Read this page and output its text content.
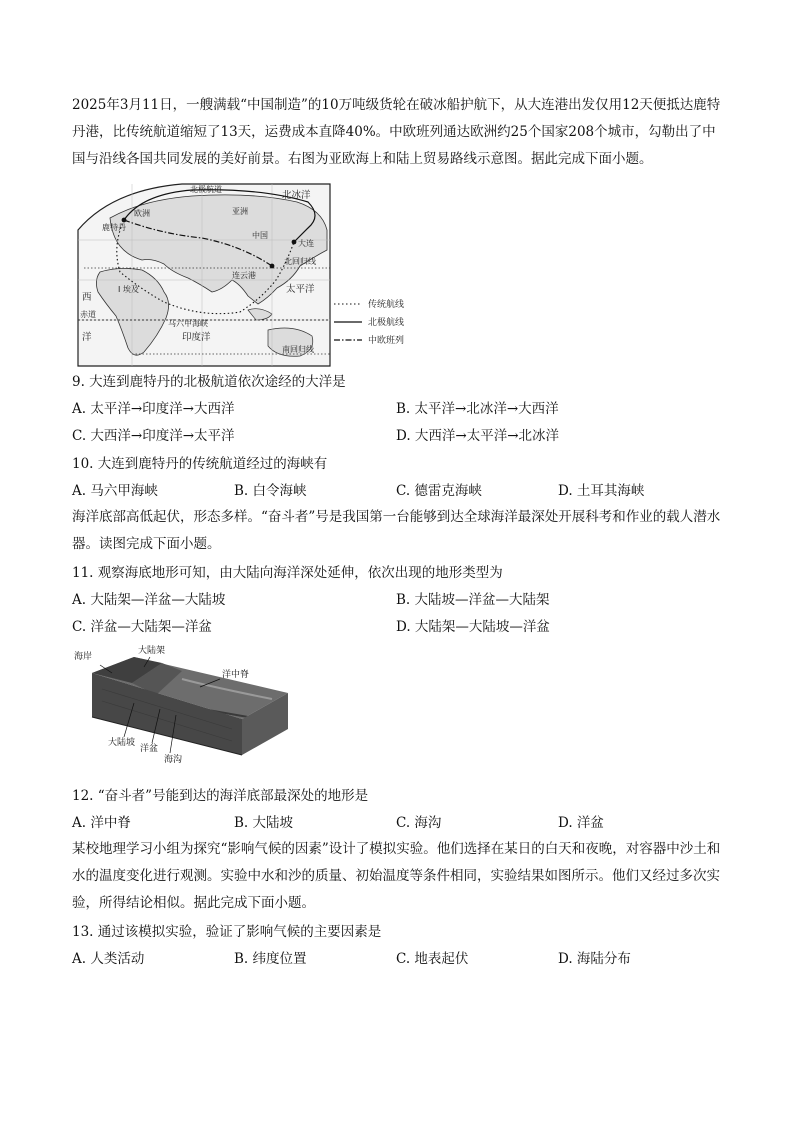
2025年3月11日，一艘满载“中国制造”的10万吨级货轮在破冰船护航下，从大连港出发仅用12天便抵达鹿特丹港，比传统航道缩短了13天，运费成本直降40%。中欧班列通达欧洲约25个国家208个城市，勾勒出了中国与沿线各国共同发展的美好前景。右图为亚欧海上和陆上贸易路线示意图。据此完成下面小题。
北极航道
北冰洋
欧洲
鹿特丹
亚洲
中国
大连
连云港
北回归线
太平洋
西
I 埃及
赤道
洋
马六甲海峡
印度洋
南回归线
传统航线
北极航线
中欧班列
9. 大连到鹿特丹的北极航道依次途经的大洋是
A. 太平洋→印度洋→大西洋	B. 太平洋→北冰洋→大西洋
C. 大西洋→印度洋→太平洋	D. 大西洋→太平洋→北冰洋
10. 大连到鹿特丹的传统航道经过的海峡有
A. 马六甲海峡	B. 白令海峡	C. 德雷克海峡	D. 土耳其海峡
海洋底部高低起伏，形态多样。“奋斗者”号是我国第一台能够到达全球海洋最深处开展科考和作业的载人潜水器。读图完成下面小题。
11. 观察海底地形可知，由大陆向海洋深处延伸，依次出现的地形类型为
A. 大陆架—洋盆—大陆坡	B. 大陆坡—洋盆—大陆架
C. 洋盆—大陆架—洋盆	D. 大陆架—大陆坡—洋盆
海岸
大陆架
洋中脊
大陆坡
洋盆
海沟
12. “奋斗者”号能到达的海洋底部最深处的地形是
A. 洋中脊	B. 大陆坡	C. 海沟	D. 洋盆
某校地理学习小组为探究“影响气候的因素”设计了模拟实验。他们选择在某日的白天和夜晚，对容器中沙土和水的温度变化进行观测。实验中水和沙的质量、初始温度等条件相同，实验结果如图所示。他们又经过多次实验，所得结论相似。据此完成下面小题。
13. 通过该模拟实验，验证了影响气候的主要因素是
A. 人类活动	B. 纬度位置	C. 地表起伏	D. 海陆分布
